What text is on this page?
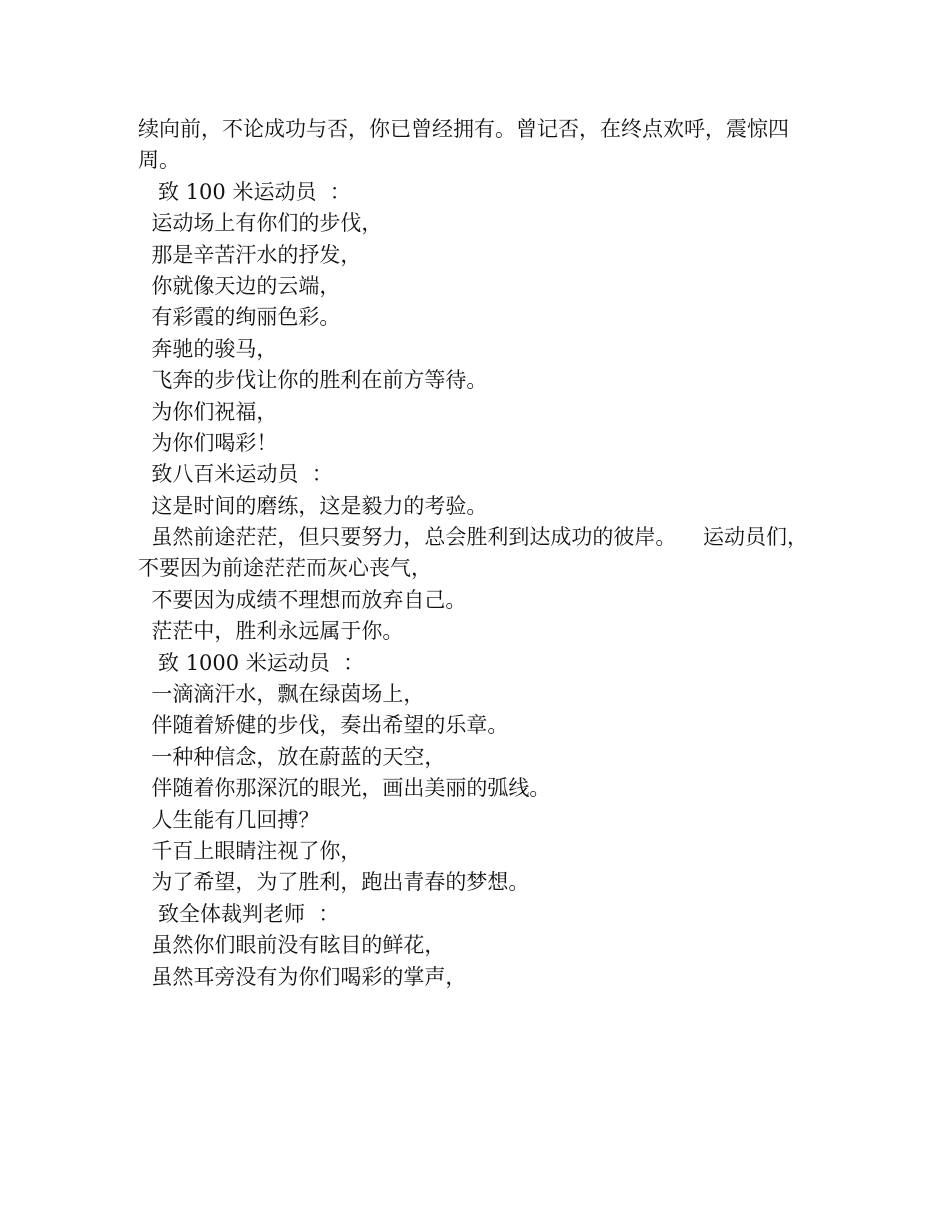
续向前，不论成功与否，你已曾经拥有。曾记否，在终点欢呼，震惊四
周。
致 100 米运动员  ：
运动场上有你们的步伐，
那是辛苦汗水的抒发，
你就像天边的云端，
有彩霞的绚丽色彩。
奔驰的骏马，
飞奔的步伐让你的胜利在前方等待。
为你们祝福，
为你们喝彩！
致八百米运动员  ：
这是时间的磨练，这是毅力的考验。
虽然前途茫茫，但只要努力，总会胜利到达成功的彼岸。    运动员们，
不要因为前途茫茫而灰心丧气，
不要因为成绩不理想而放弃自己。
茫茫中，胜利永远属于你。
致 1000 米运动员  ：
一滴滴汗水，飘在绿茵场上，
伴随着矫健的步伐，奏出希望的乐章。
一种种信念，放在蔚蓝的天空，
伴随着你那深沉的眼光，画出美丽的弧线。
人生能有几回搏？
千百上眼睛注视了你，
为了希望，为了胜利，跑出青春的梦想。
致全体裁判老师  ：
虽然你们眼前没有眩目的鲜花，
虽然耳旁没有为你们喝彩的掌声，
